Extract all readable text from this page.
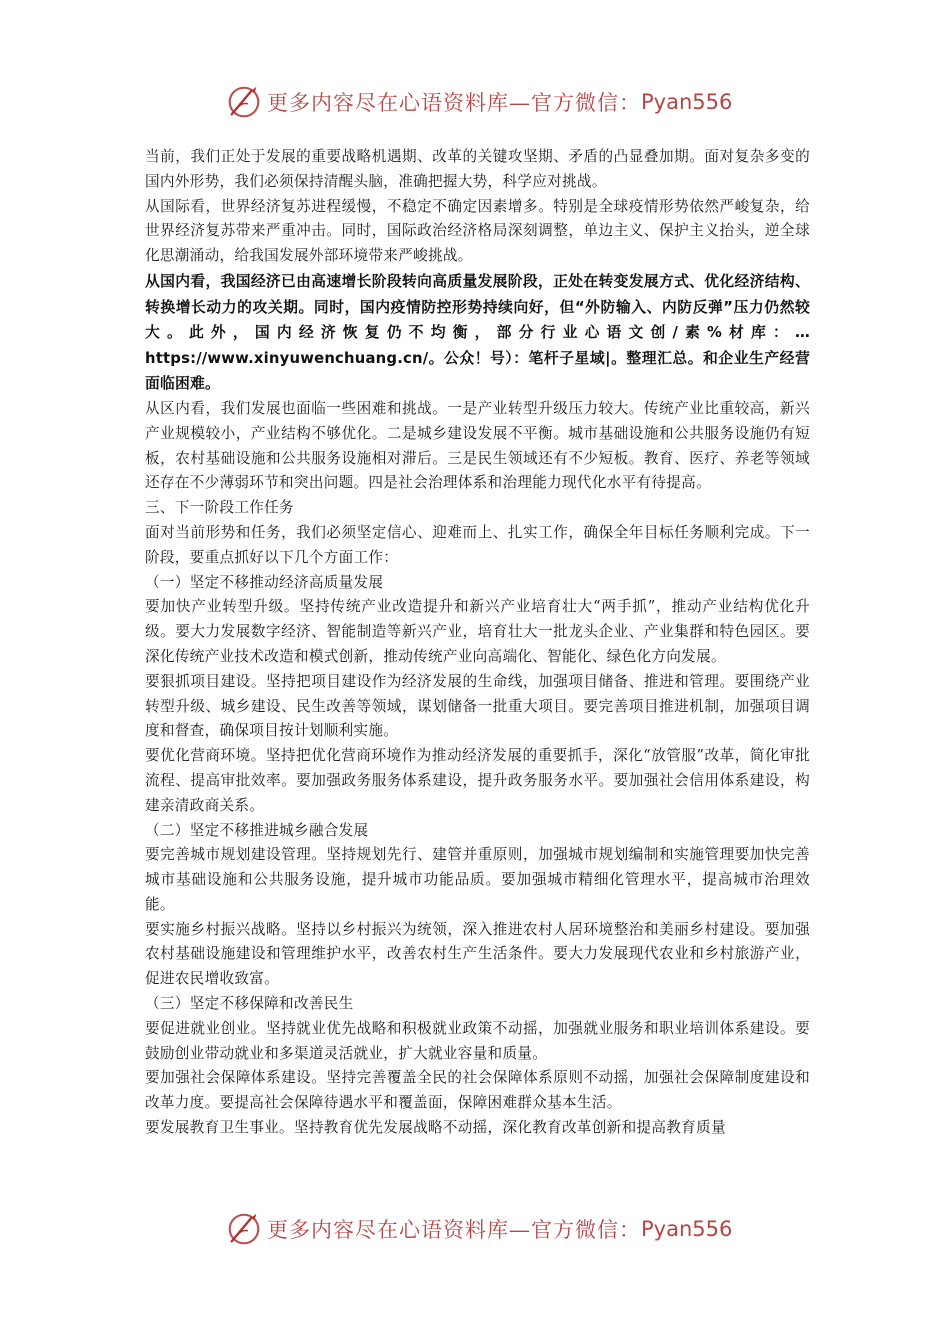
更多内容尽在心语资料库—官方微信： Pyan556

当前，我们正处于发展的重要战略机遇期、改革的关键攻坚期、矛盾的凸显叠加期。面对复杂多变的国内外形势，我们必须保持清醒头脑，准确把握大势，科学应对挑战。

从国际看，世界经济复苏进程缓慢，不稳定不确定因素增多。特别是全球疫情形势依然严峻复杂，给世界经济复苏带来严重冲击。同时，国际政治经济格局深刻调整，单边主义、保护主义抬头，逆全球化思潮涌动，给我国发展外部环境带来严峻挑战。

从国内看，我国经济已由高速增长阶段转向高质量发展阶段，正处在转变发展方式、优化经济结构、转换增长动力的攻关期。同时，国内疫情防控形势持续向好，但“外防输入、内防反弹”压力仍然较大。此外，国内经济恢复仍不均衡，部分行业心语文创/素%材库：…https://www.xinyuwenchuang.cn/。公众！号）：笔杆子星域|。整理汇总。和企业生产经营面临困难。

从区内看，我们发展也面临一些困难和挑战。一是产业转型升级压力较大。传统产业比重较高，新兴产业规模较小，产业结构不够优化。二是城乡建设发展不平衡。城市基础设施和公共服务设施仍有短板，农村基础设施和公共服务设施相对滞后。三是民生领域还有不少短板。教育、医疗、养老等领域还存在不少薄弱环节和突出问题。四是社会治理体系和治理能力现代化水平有待提高。

三、下一阶段工作任务

面对当前形势和任务，我们必须坚定信心、迎难而上、扎实工作，确保全年目标任务顺利完成。下一阶段，要重点抓好以下几个方面工作：

（一）坚定不移推动经济高质量发展

要加快产业转型升级。坚持传统产业改造提升和新兴产业培育壮大“两手抓”，推动产业结构优化升级。要大力发展数字经济、智能制造等新兴产业，培育壮大一批龙头企业、产业集群和特色园区。要深化传统产业技术改造和模式创新，推动传统产业向高端化、智能化、绿色化方向发展。

要狠抓项目建设。坚持把项目建设作为经济发展的生命线，加强项目储备、推进和管理。要围绕产业转型升级、城乡建设、民生改善等领域，谋划储备一批重大项目。要完善项目推进机制，加强项目调度和督查，确保项目按计划顺利实施。

要优化营商环境。坚持把优化营商环境作为推动经济发展的重要抓手，深化“放管服”改革，简化审批流程、提高审批效率。要加强政务服务体系建设，提升政务服务水平。要加强社会信用体系建设，构建亲清政商关系。

（二）坚定不移推进城乡融合发展

要完善城市规划建设管理。坚持规划先行、建管并重原则，加强城市规划编制和实施管理要加快完善城市基础设施和公共服务设施，提升城市功能品质。要加强城市精细化管理水平，提高城市治理效能。

要实施乡村振兴战略。坚持以乡村振兴为统领，深入推进农村人居环境整治和美丽乡村建设。要加强农村基础设施建设和管理维护水平，改善农村生产生活条件。要大力发展现代农业和乡村旅游产业，促进农民增收致富。

（三）坚定不移保障和改善民生

要促进就业创业。坚持就业优先战略和积极就业政策不动摇，加强就业服务和职业培训体系建设。要鼓励创业带动就业和多渠道灵活就业，扩大就业容量和质量。

要加强社会保障体系建设。坚持完善覆盖全民的社会保障体系原则不动摇，加强社会保障制度建设和改革力度。要提高社会保障待遇水平和覆盖面，保障困难群众基本生活。

要发展教育卫生事业。坚持教育优先发展战略不动摇，深化教育改革创新和提高教育质量

更多内容尽在心语资料库—官方微信： Pyan556
